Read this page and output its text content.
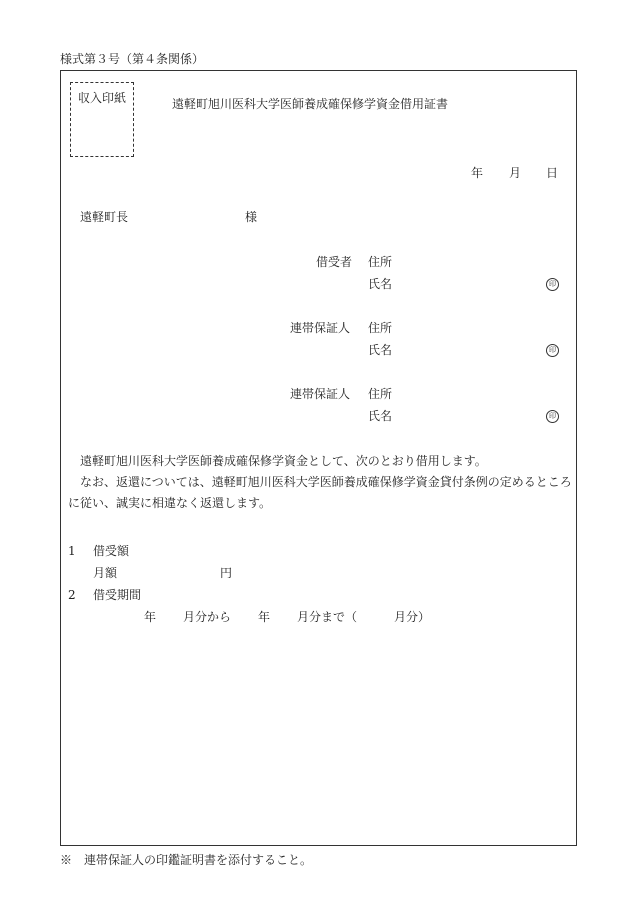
様式第３号（第４条関係）
収入印紙	遠軽町旭川医科大学医師養成確保修学資金借用証書
年 月 日
遠軽町長	様
借受者 住所
氏名	印
連帯保証人 住所
氏名	印
連帯保証人 住所
氏名	印
遠軽町旭川医科大学医師養成確保修学資金として、次のとおり借用します。
なお、返還については、遠軽町旭川医科大学医師養成確保修学資金貸付条例の定めるところに従い、誠実に相違なく返還します。
1 借受額
月額	円
2 借受期間
年 月分から 年 月分まで（	月分）
※　連帯保証人の印鑑証明書を添付すること。
